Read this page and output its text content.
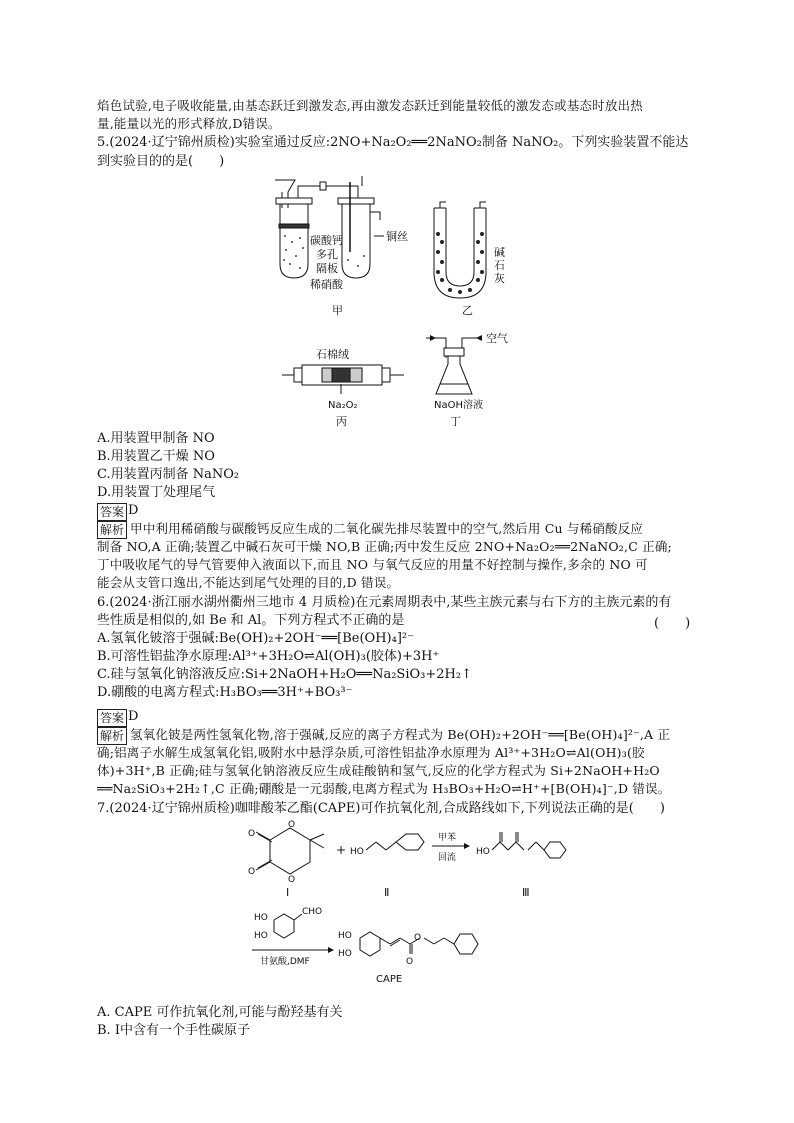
焰色试验,电子吸收能量,由基态跃迁到激发态,再由激发态跃迁到能量较低的激发态或基态时放出热
量,能量以光的形式释放,D错误。
5.(2024·辽宁锦州质检)实验室通过反应:2NO+Na₂O₂══2NaNO₂制备 NaNO₂。下列实验装置不能达
到实验目的的是(　　)
碳酸钙
多孔
隔板
稀硝酸
铜丝
甲
碱石灰
乙
石棉绒
Na₂O₂
丙
空气
NaOH溶液
丁
A.用装置甲制备 NO
B.用装置乙干燥 NO
C.用装置丙制备 NaNO₂
D.用装置丁处理尾气
答案 D
解析 甲中利用稀硝酸与碳酸钙反应生成的二氧化碳先排尽装置中的空气,然后用 Cu 与稀硝酸反应
制备 NO,A 正确;装置乙中碱石灰可干燥 NO,B 正确;丙中发生反应 2NO+Na₂O₂══2NaNO₂,C 正确;
丁中吸收尾气的导气管要伸入液面以下,而且 NO 与氧气反应的用量不好控制与操作,多余的 NO 可
能会从支管口逸出,不能达到尾气处理的目的,D 错误。
6.(2024·浙江丽水湖州衢州三地市 4 月质检)在元素周期表中,某些主族元素与右下方的主族元素的有
些性质是相似的,如 Be 和 Al。下列方程式不正确的是	(　　)
A.氢氧化铍溶于强碱:Be(OH)₂+2OH⁻══[Be(OH)₄]²⁻
B.可溶性铝盐净水原理:Al³⁺+3H₂O⇌Al(OH)₃(胶体)+3H⁺
C.硅与氢氧化钠溶液反应:Si+2NaOH+H₂O══Na₂SiO₃+2H₂↑
D.硼酸的电离方程式:H₃BO₃══3H⁺+BO₃³⁻
答案 D
解析 氢氧化铍是两性氢氧化物,溶于强碱,反应的离子方程式为 Be(OH)₂+2OH⁻══[Be(OH)₄]²⁻,A 正
确;铝离子水解生成氢氧化铝,吸附水中悬浮杂质,可溶性铝盐净水原理为 Al³⁺+3H₂O⇌Al(OH)₃(胶
体)+3H⁺,B 正确;硅与氢氧化钠溶液反应生成硅酸钠和氢气,反应的化学方程式为 Si+2NaOH+H₂O
══Na₂SiO₃+2H₂↑,C 正确;硼酸是一元弱酸,电离方程式为 H₃BO₃+H₂O⇌H⁺+[B(OH)₄]⁻,D 错误。
7.(2024·辽宁锦州质检)咖啡酸苯乙酯(CAPE)可作抗氧化剂,合成路线如下,下列说法正确的是(　　)
O
O
O
O
Ⅰ
+ HO
Ⅱ
甲苯
回流
HO
Ⅲ
CHO
HO
HO
甘氨酸,DMF
HO
HO
O
O
CAPE
A. CAPE 可作抗氧化剂,可能与酚羟基有关
B. Ⅰ中含有一个手性碳原子
